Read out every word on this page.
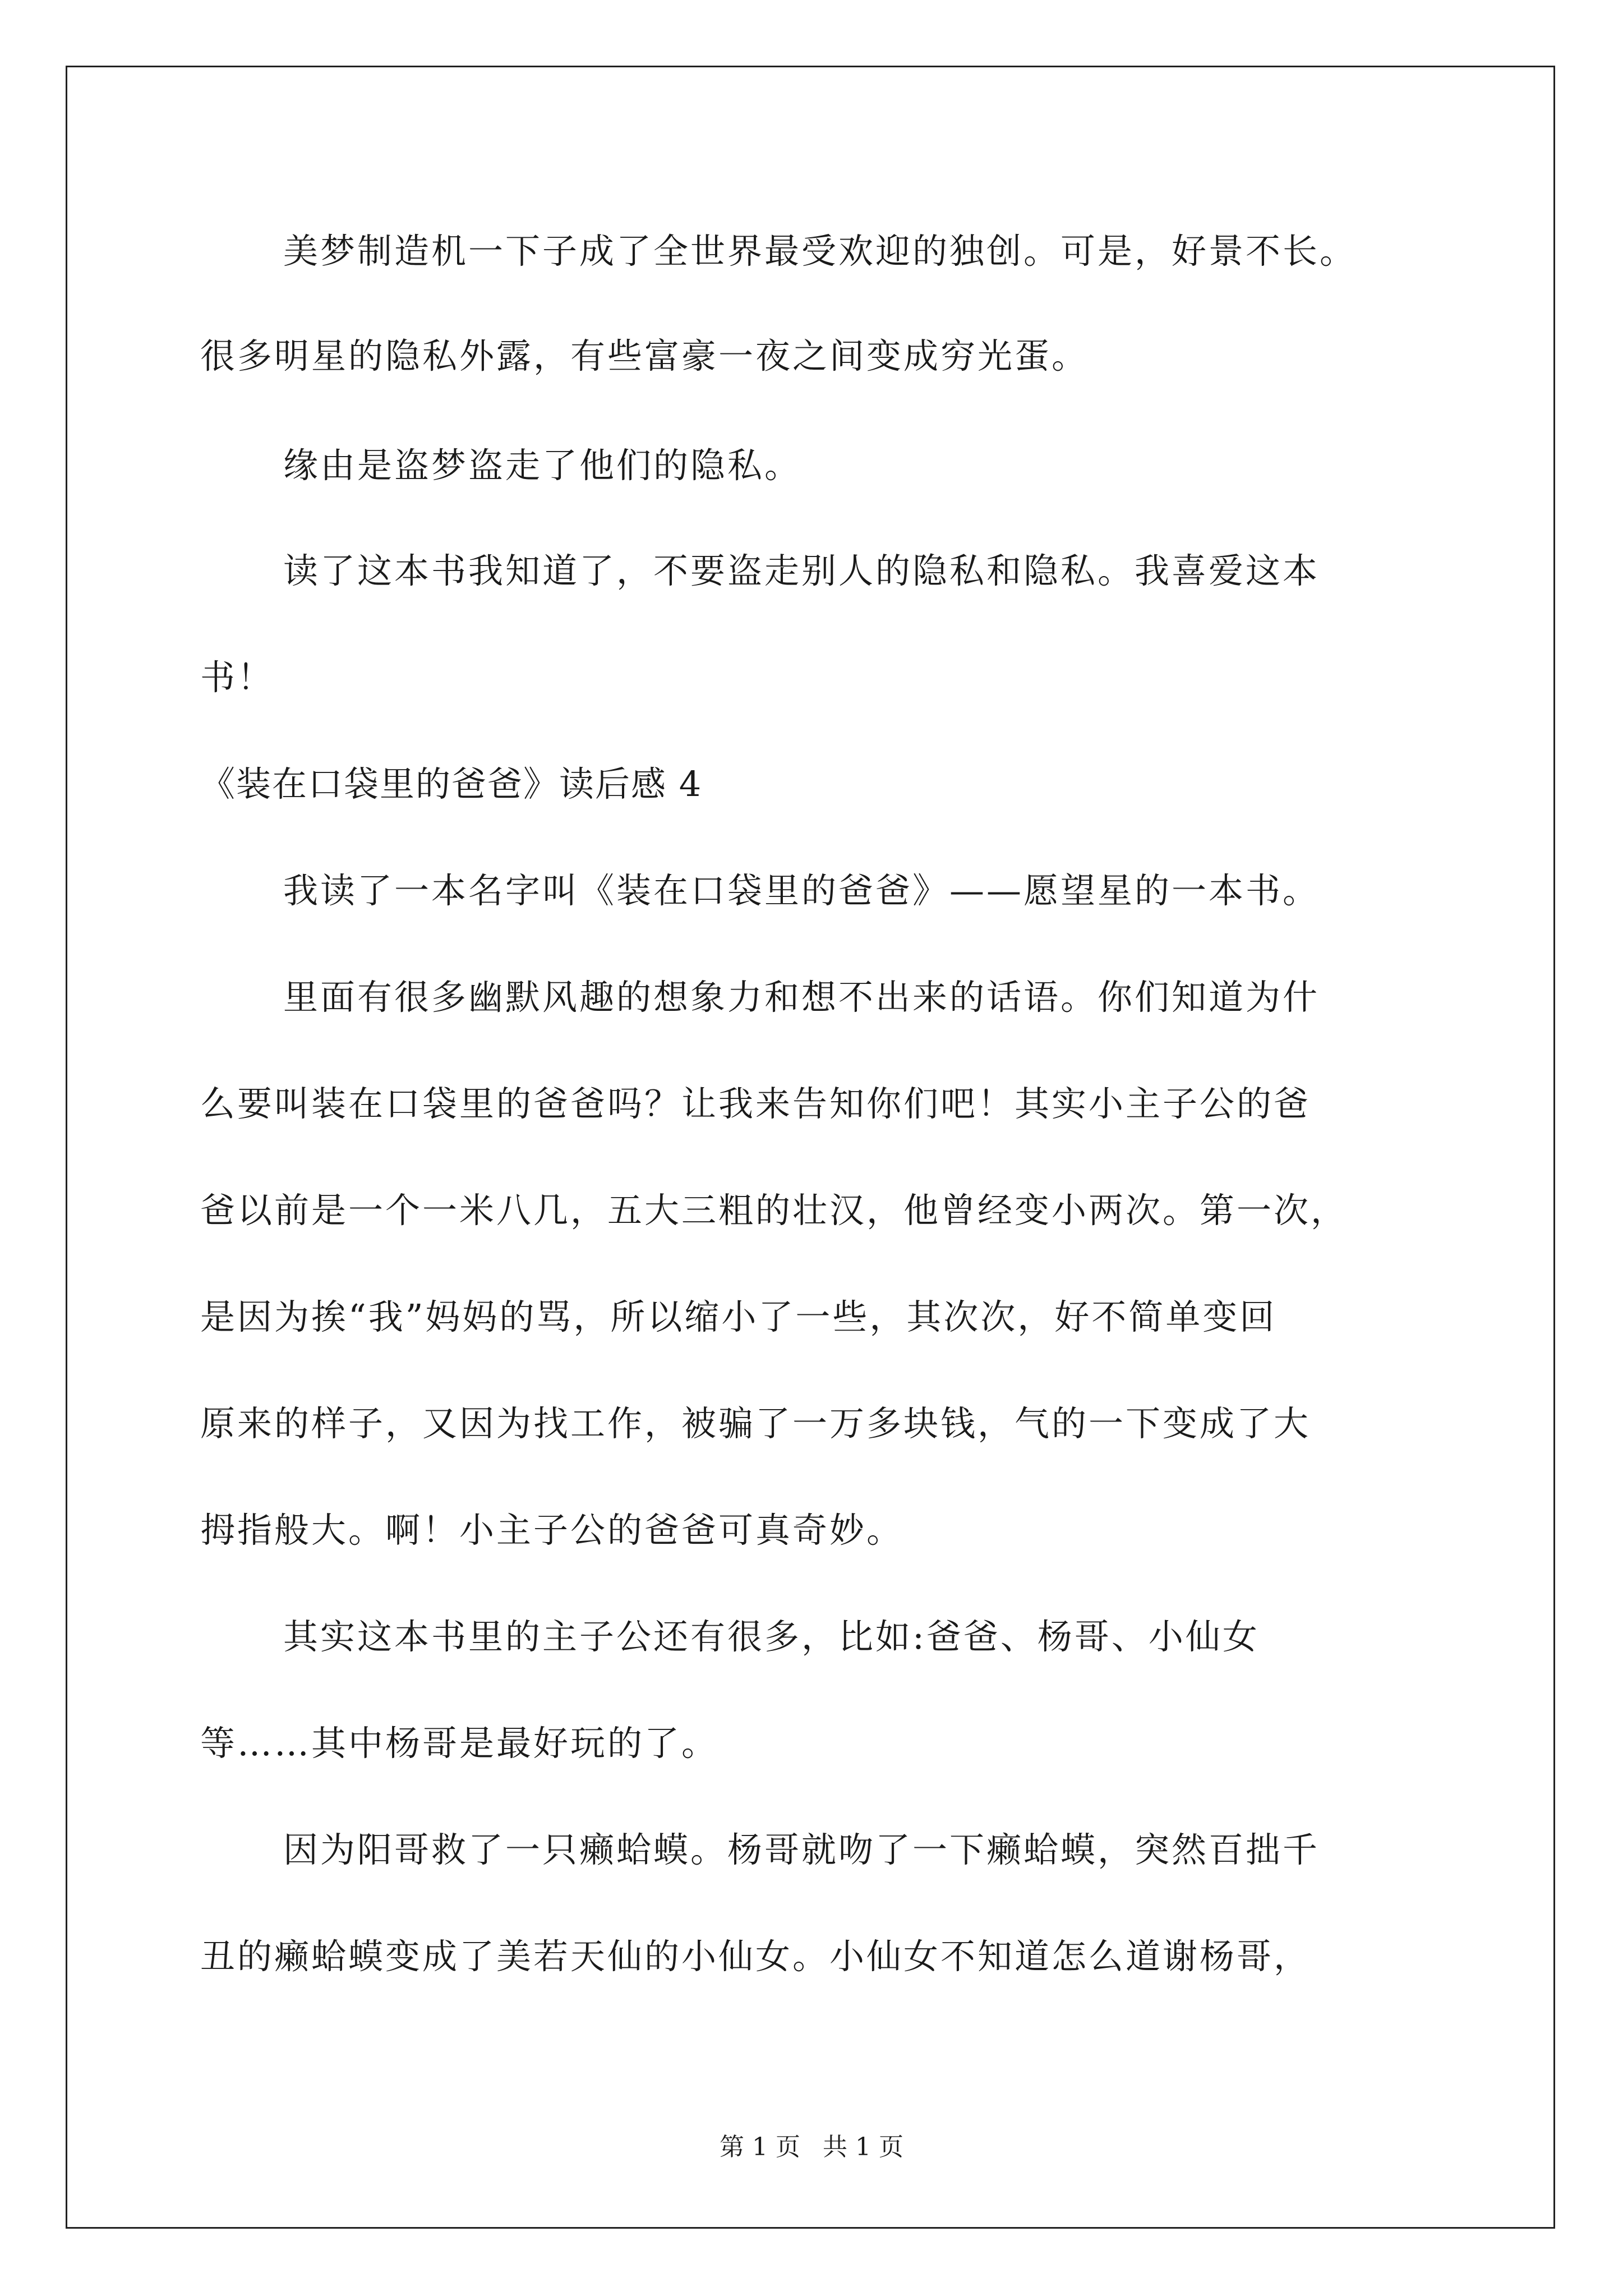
美梦制造机一下子成了全世界最受欢迎的独创。可是，好景不长。

很多明星的隐私外露，有些富豪一夜之间变成穷光蛋。

缘由是盗梦盗走了他们的隐私。

读了这本书我知道了，不要盗走别人的隐私和隐私。我喜爱这本

书！

《装在口袋里的爸爸》读后感 4

我读了一本名字叫《装在口袋里的爸爸》——愿望星的一本书。

里面有很多幽默风趣的想象力和想不出来的话语。你们知道为什

么要叫装在口袋里的爸爸吗？让我来告知你们吧！其实小主子公的爸

爸以前是一个一米八几，五大三粗的壮汉，他曾经变小两次。第一次，

是因为挨“我”妈妈的骂，所以缩小了一些，其次次，好不简单变回

原来的样子，又因为找工作，被骗了一万多块钱，气的一下变成了大

拇指般大。啊！小主子公的爸爸可真奇妙。

其实这本书里的主子公还有很多，比如:爸爸、杨哥、小仙女

等……其中杨哥是最好玩的了。

因为阳哥救了一只癞蛤蟆。杨哥就吻了一下癞蛤蟆，突然百拙千

丑的癞蛤蟆变成了美若天仙的小仙女。小仙女不知道怎么道谢杨哥，

第 1 页 共 1 页
